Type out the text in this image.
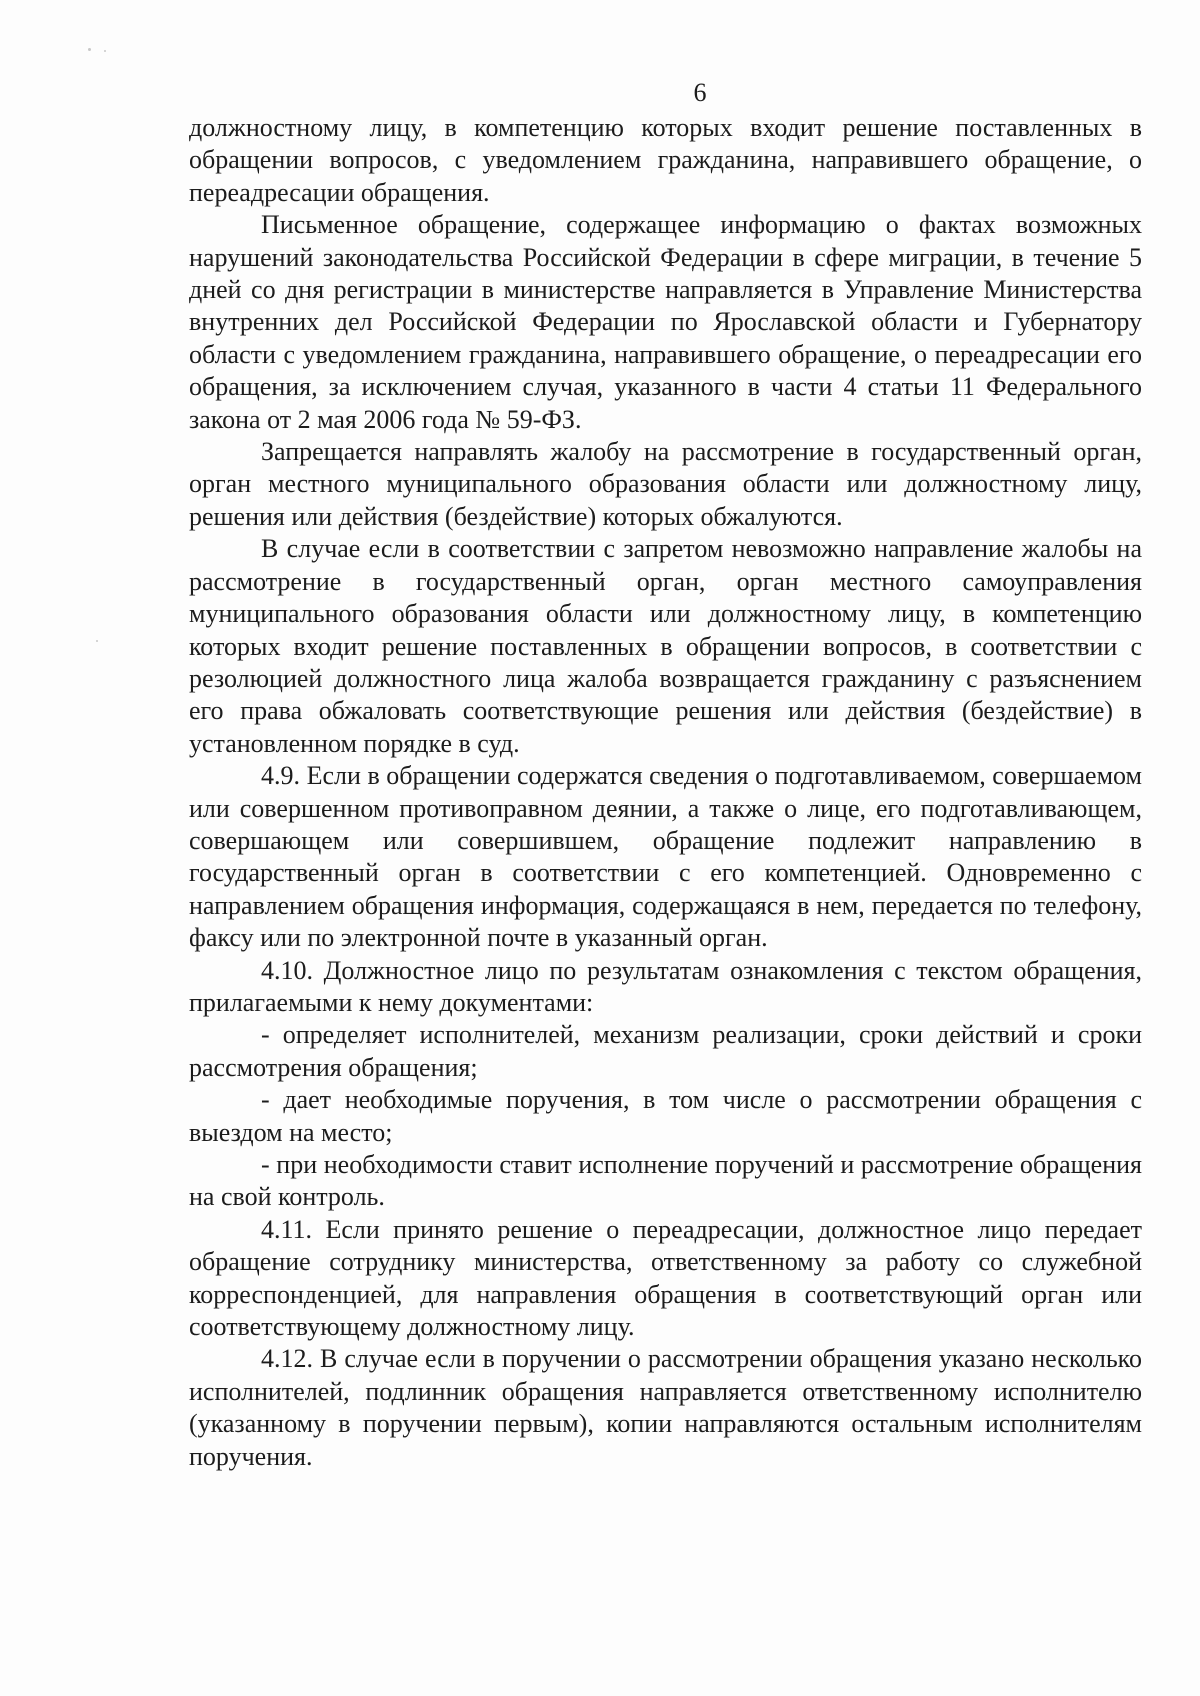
6

должностному лицу, в компетенцию которых входит решение поставленных в обращении вопросов, с уведомлением гражданина, направившего обращение, о переадресации обращения.

Письменное обращение, содержащее информацию о фактах возможных нарушений законодательства Российской Федерации в сфере миграции, в течение 5 дней со дня регистрации в министерстве направляется в Управление Министерства внутренних дел Российской Федерации по Ярославской области и Губернатору области с уведомлением гражданина, направившего обращение, о переадресации его обращения, за исключением случая, указанного в части 4 статьи 11 Федерального закона от 2 мая 2006 года № 59-ФЗ.

Запрещается направлять жалобу на рассмотрение в государственный орган, орган местного муниципального образования области или должностному лицу, решения или действия (бездействие) которых обжалуются.

В случае если в соответствии с запретом невозможно направление жалобы на рассмотрение в государственный орган, орган местного самоуправления муниципального образования области или должностному лицу, в компетенцию которых входит решение поставленных в обращении вопросов, в соответствии с резолюцией должностного лица жалоба возвращается гражданину с разъяснением его права обжаловать соответствующие решения или действия (бездействие) в установленном порядке в суд.

4.9. Если в обращении содержатся сведения о подготавливаемом, совершаемом или совершенном противоправном деянии, а также о лице, его подготавливающем, совершающем или совершившем, обращение подлежит направлению в государственный орган в соответствии с его компетенцией. Одновременно с направлением обращения информация, содержащаяся в нем, передается по телефону, факсу или по электронной почте в указанный орган.

4.10. Должностное лицо по результатам ознакомления с текстом обращения, прилагаемыми к нему документами:

- определяет исполнителей, механизм реализации, сроки действий и сроки рассмотрения обращения;

- дает необходимые поручения, в том числе о рассмотрении обращения с выездом на место;

- при необходимости ставит исполнение поручений и рассмотрение обращения на свой контроль.

4.11. Если принято решение о переадресации, должностное лицо передает обращение сотруднику министерства, ответственному за работу со служебной корреспонденцией, для направления обращения в соответствующий орган или соответствующему должностному лицу.

4.12. В случае если в поручении о рассмотрении обращения указано несколько исполнителей, подлинник обращения направляется ответственному исполнителю (указанному в поручении первым), копии направляются остальным исполнителям поручения.
